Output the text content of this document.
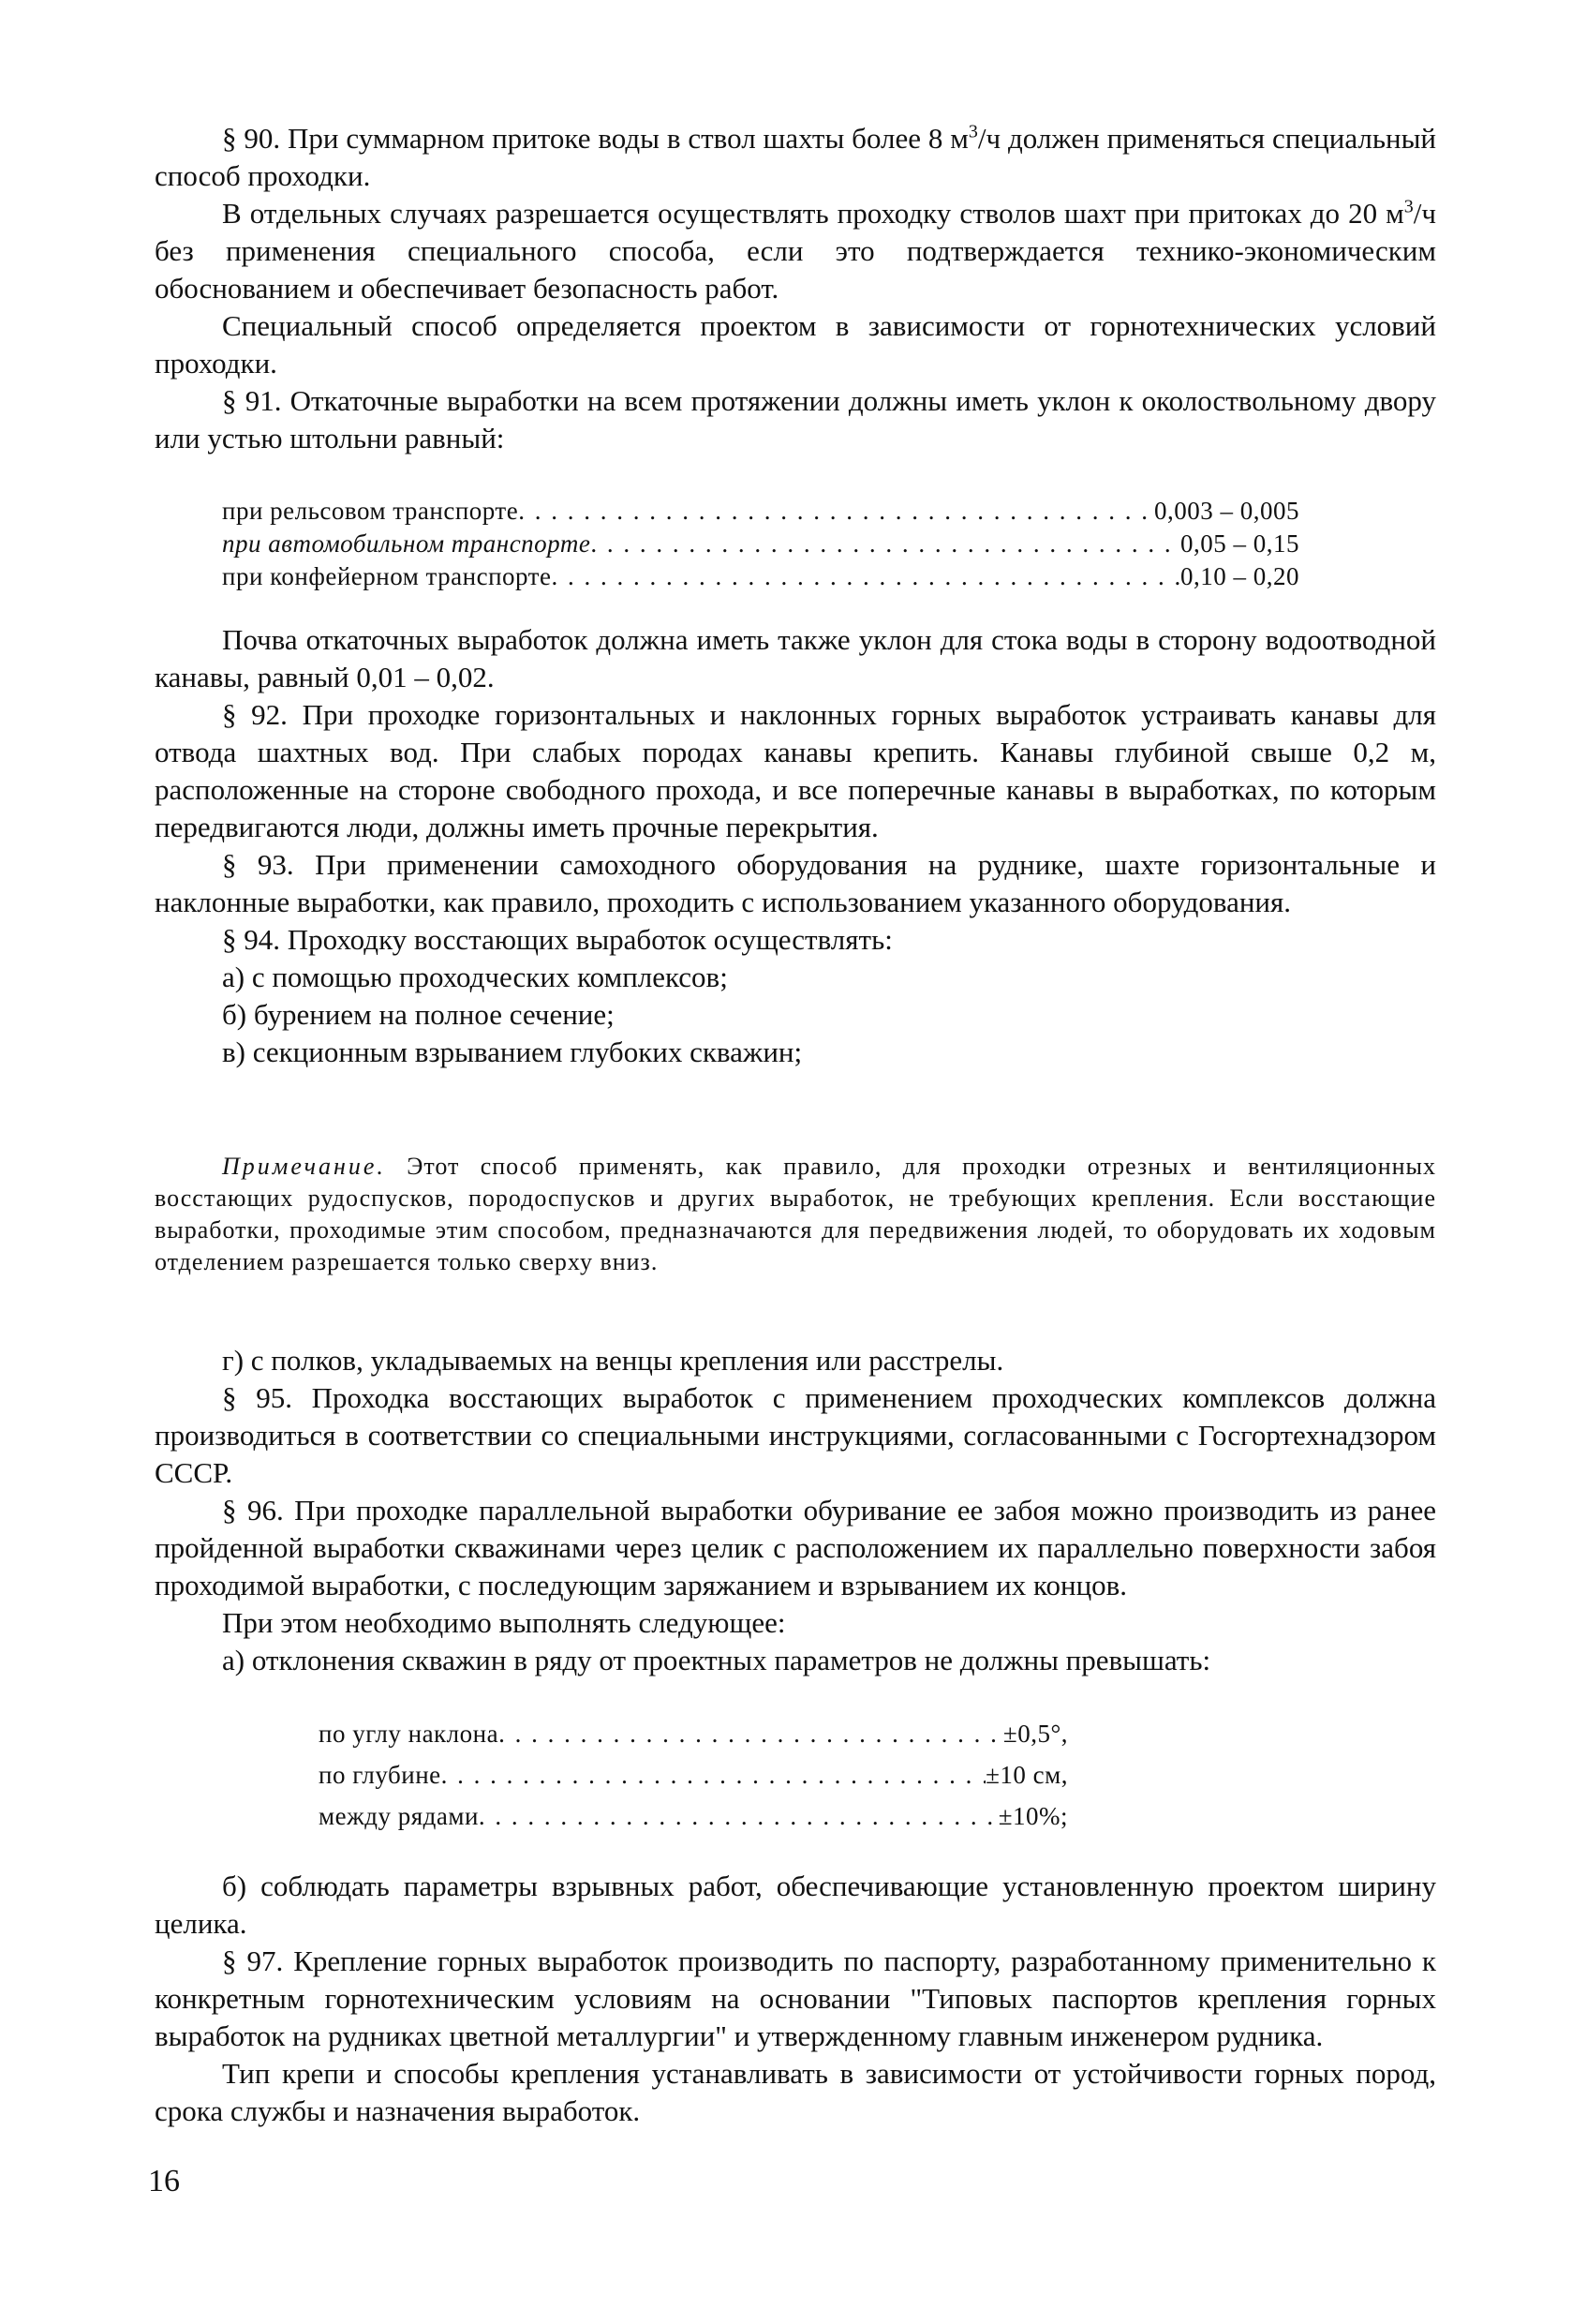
§ 90. При суммарном притоке воды в ствол шахты более 8 $м^3/ч$ должен применяться специальный способ проходки.

В отдельных случаях разрешается осуществлять проходку стволов шахт при притоках до 20 $м^3/ч$ без применения специального способа, если это подтверждается технико-экономическим обоснованием и обеспечивает безопасность работ.

Специальный способ определяется проектом в зависимости от горнотехнических условий проходки.

§ 91. Откаточные выработки на всем протяжении должны иметь уклон к околоствольному двору или устью штольни равный:

при рельсовом транспорте . . .	0,003 – 0,005
при автомобильном транспорте . . .	0,05 – 0,15
при конфейерном транспорте . . .	0,10 – 0,20

Почва откаточных выработок должна иметь также уклон для стока воды в сторону водоотводной канавы, равный 0,01 – 0,02.

§ 92. При проходке горизонтальных и наклонных горных выработок устраивать канавы для отвода шахтных вод. При слабых породах канавы крепить. Канавы глубиной свыше 0,2 м, расположенные на стороне свободного прохода, и все поперечные канавы в выработках, по которым передвигаются люди, должны иметь прочные перекрытия.

§ 93. При применении самоходного оборудования на руднике, шахте горизонтальные и наклонные выработки, как правило, проходить с использованием указанного оборудования.

§ 94. Проходку восстающих выработок осуществлять:

а) с помощью проходческих комплексов;

б) бурением на полное сечение;

в) секционным взрыванием глубоких скважин;

Примечание. Этот способ применять, как правило, для проходки отрезных и вентиляционных восстающих рудоспусков, породоспусков и других выработок, не требующих крепления. Если восстающие выработки, проходимые этим способом, предназначаются для передвижения людей, то оборудовать их ходовым отделением разрешается только сверху вниз.

г) с полков, укладываемых на венцы крепления или расстрелы.

§ 95. Проходка восстающих выработок с применением проходческих комплексов должна производиться в соответствии со специальными инструкциями, согласованными с Госгортехнадзором СССР.

§ 96. При проходке параллельной выработки обуривание ее забоя можно производить из ранее пройденной выработки скважинами через целик с расположением их параллельно поверхности забоя проходимой выработки, с последующим заряжанием и взрыванием их концов.

При этом необходимо выполнять следующее:

а) отклонения скважин в ряду от проектных параметров не должны превышать:

по углу наклона . . .	±0,5°,
по глубине . . .	±10 см,
между рядами . . .	±10%;

б) соблюдать параметры взрывных работ, обеспечивающие установленную проектом ширину целика.

§ 97. Крепление горных выработок производить по паспорту, разработанному применительно к конкретным горнотехническим условиям на основании "Типовых паспортов крепления горных выработок на рудниках цветной металлургии" и утвержденному главным инженером рудника.

Тип крепи и способы крепления устанавливать в зависимости от устойчивости горных пород, срока службы и назначения выработок.

16
